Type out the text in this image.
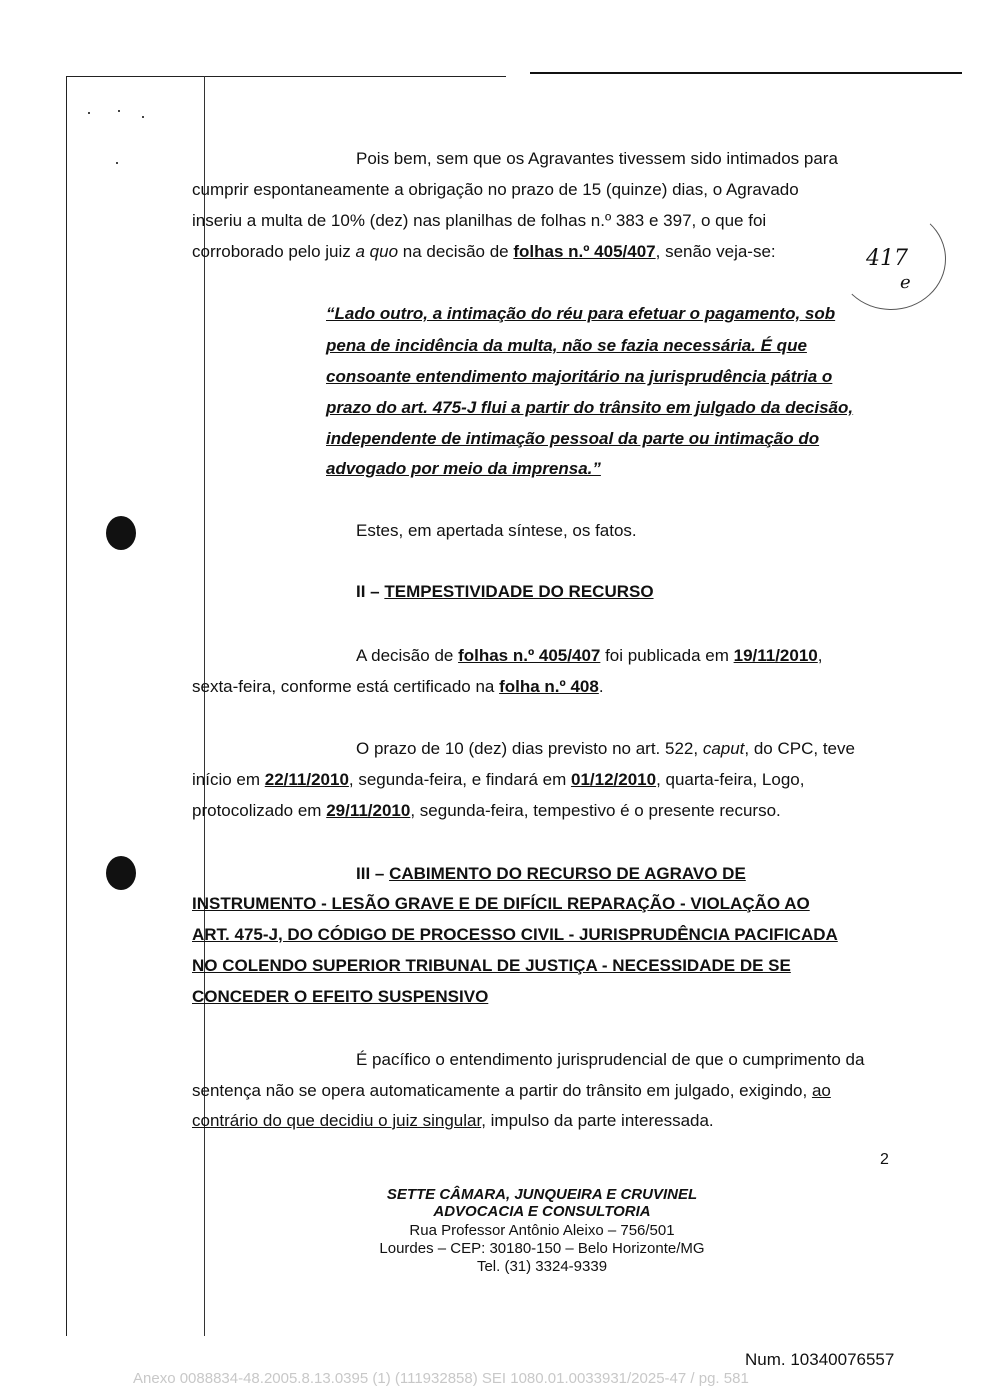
Pois bem, sem que os Agravantes tivessem sido intimados para
cumprir espontaneamente a obrigação no prazo de 15 (quinze) dias, o Agravado
inseriu a multa de 10% (dez) nas planilhas de folhas n.º 383 e 397, o que foi
corroborado pelo juiz a quo na decisão de folhas n.º 405/407, senão veja-se:	417
e
“Lado outro, a intimação do réu para efetuar o pagamento, sob
pena de incidência da multa, não se fazia necessária. É que
consoante entendimento majoritário na jurisprudência pátria o
prazo do art. 475-J flui a partir do trânsito em julgado da decisão,
independente de intimação pessoal da parte ou intimação do
advogado por meio da imprensa.”
Estes, em apertada síntese, os fatos.
II – TEMPESTIVIDADE DO RECURSO
A decisão de folhas n.º 405/407 foi publicada em 19/11/2010,
sexta-feira, conforme está certificado na folha n.º 408.
O prazo de 10 (dez) dias previsto no art. 522, caput, do CPC, teve
início em 22/11/2010, segunda-feira, e findará em 01/12/2010, quarta-feira, Logo,
protocolizado em 29/11/2010, segunda-feira, tempestivo é o presente recurso.
III – CABIMENTO DO RECURSO DE AGRAVO DE
INSTRUMENTO - LESÃO GRAVE E DE DIFÍCIL REPARAÇÃO - VIOLAÇÃO AO
ART. 475-J, DO CÓDIGO DE PROCESSO CIVIL - JURISPRUDÊNCIA PACIFICADA
NO COLENDO SUPERIOR TRIBUNAL DE JUSTIÇA - NECESSIDADE DE SE
CONCEDER O EFEITO SUSPENSIVO
É pacífico o entendimento jurisprudencial de que o cumprimento da
sentença não se opera automaticamente a partir do trânsito em julgado, exigindo, ao
contrário do que decidiu o juiz singular, impulso da parte interessada.
2
SETTE CÂMARA, JUNQUEIRA E CRUVINEL
ADVOCACIA E CONSULTORIA
Rua Professor Antônio Aleixo – 756/501
Lourdes – CEP: 30180-150 – Belo Horizonte/MG
Tel. (31) 3324-9339
Num. 10340076557
Anexo 0088834-48.2005.8.13.0395 (1) (111932858) SEI 1080.01.0033931/2025-47 / pg. 581
